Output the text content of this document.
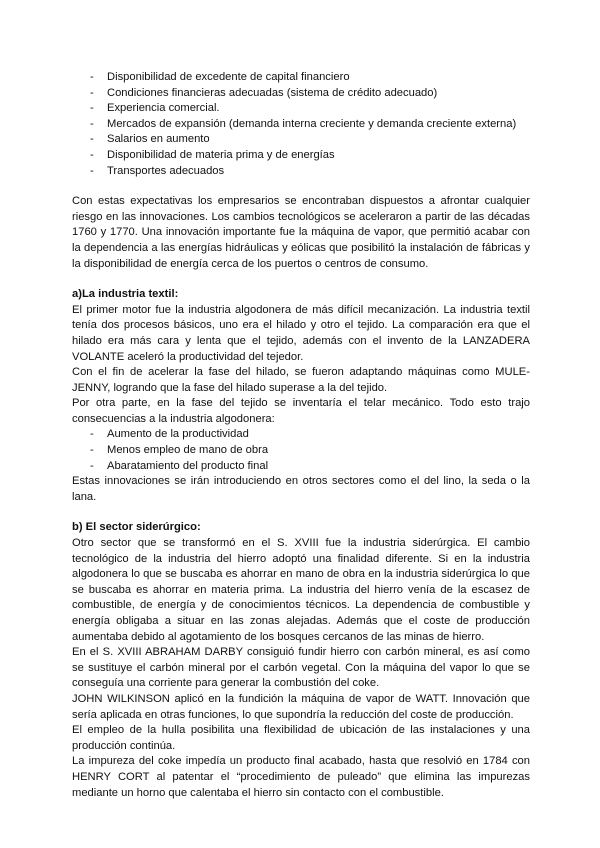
- Disponibilidad de excedente de capital financiero
- Condiciones financieras adecuadas (sistema de crédito adecuado)
- Experiencia comercial.
- Mercados de expansión (demanda interna creciente y demanda creciente externa)
- Salarios en aumento
- Disponibilidad de materia prima y de energías
- Transportes adecuados

Con estas expectativas los empresarios se encontraban dispuestos a afrontar cualquier riesgo en las innovaciones. Los cambios tecnológicos se aceleraron a partir de las décadas 1760 y 1770. Una innovación importante fue la máquina de vapor, que permitió acabar con la dependencia a las energías hidráulicas y eólicas que posibilitó la instalación de fábricas y la disponibilidad de energía cerca de los puertos o centros de consumo.

a)La industria textil:

El primer motor fue la industria algodonera de más difícil mecanización. La industria textil tenía dos procesos básicos, uno era el hilado y otro el tejido. La comparación era que el hilado era más cara y lenta que el tejido, además con el invento de la LANZADERA VOLANTE aceleró la productividad del tejedor.

Con el fin de acelerar la fase del hilado, se fueron adaptando máquinas como MULE-JENNY, logrando que la fase del hilado superase a la del tejido.

Por otra parte, en la fase del tejido se inventaría el telar mecánico. Todo esto trajo consecuencias a la industria algodonera:

- Aumento de la productividad
- Menos empleo de mano de obra
- Abaratamiento del producto final

Estas innovaciones se irán introduciendo en otros sectores como el del lino, la seda o la lana.

b) El sector siderúrgico:

Otro sector que se transformó en el S. XVIII fue la industria siderúrgica. El cambio tecnológico de la industria del hierro adoptó una finalidad diferente. Si en la industria algodonera lo que se buscaba es ahorrar en mano de obra en la industria siderúrgica lo que se buscaba es ahorrar en materia prima. La industria del hierro venía de la escasez de combustible, de energía y de conocimientos técnicos. La dependencia de combustible y energía obligaba a situar en las zonas alejadas. Además que el coste de producción aumentaba debido al agotamiento de los bosques cercanos de las minas de hierro.

En el S. XVIII ABRAHAM DARBY consiguió fundir hierro con carbón mineral, es así como se sustituye el carbón mineral por el carbón vegetal. Con la máquina del vapor lo que se conseguía una corriente para generar la combustión del coke.

JOHN WILKINSON aplicó en la fundición la máquina de vapor de WATT. Innovación que sería aplicada en otras funciones, lo que supondría la reducción del coste de producción.

El empleo de la hulla posibilita una flexibilidad de ubicación de las instalaciones y una producción continúa.

La impureza del coke impedía un producto final acabado, hasta que resolvió en 1784 con HENRY CORT al patentar el “procedimiento de puleado” que elimina las impurezas mediante un horno que calentaba el hierro sin contacto con el combustible.
